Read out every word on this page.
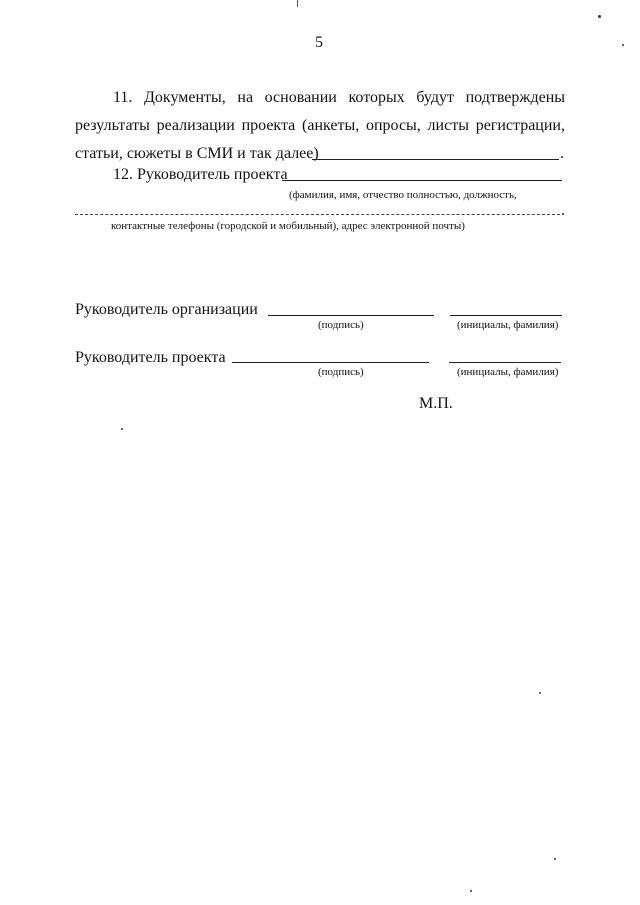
5
11. Документы, на основании которых будут подтверждены
результаты реализации проекта (анкеты, опросы, листы регистрации,
статьи, сюжеты в СМИ и так далее)	.
12. Руководитель проекта
(фамилия, имя, отчество полностью, должность,
.
контактные телефоны (городской и мобильный), адрес электронной почты)
Руководитель организации
(подпись)	(инициалы, фамилия)
Руководитель проекта
(подпись)	(инициалы, фамилия)
М.П.
